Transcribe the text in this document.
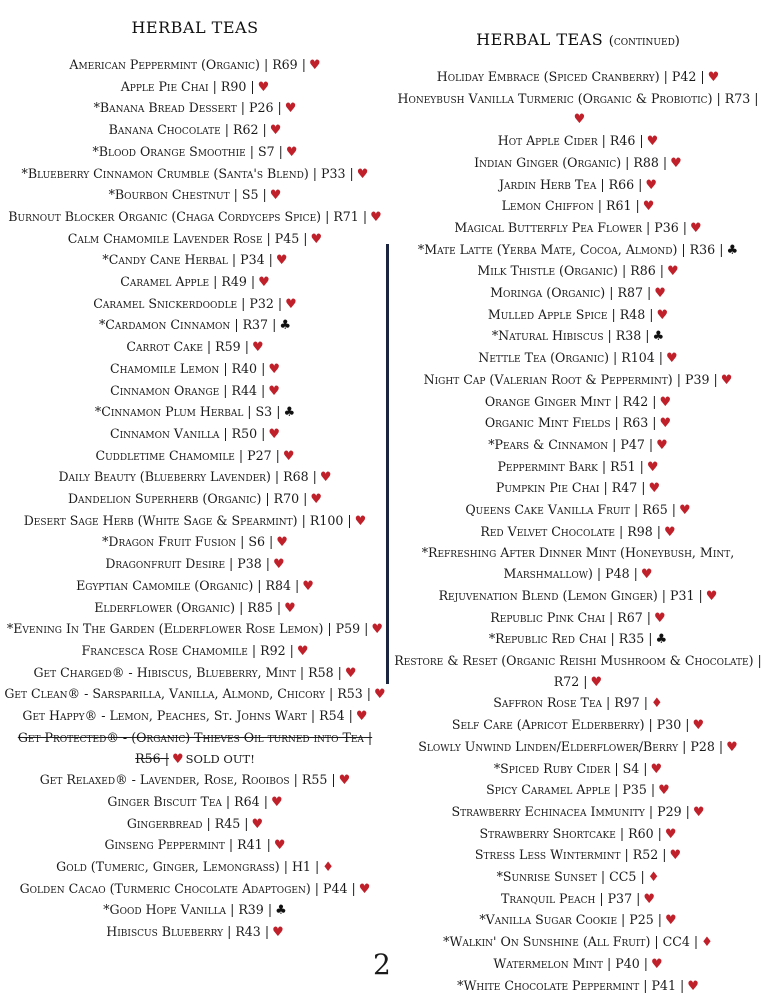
HERBAL TEAS
American Peppermint (Organic) | R69 | ♥
Apple Pie Chai | R90 | ♥
*Banana Bread Dessert | P26 | ♥
Banana Chocolate | R62 | ♥
*Blood Orange Smoothie | S7 | ♥
*Blueberry Cinnamon Crumble (Santa's Blend) | P33 | ♥
*Bourbon Chestnut | S5 | ♥
Burnout Blocker Organic (Chaga Cordyceps Spice) | R71 | ♥
Calm Chamomile Lavender Rose | P45 | ♥
*Candy Cane Herbal | P34 | ♥
Caramel Apple | R49 | ♥
Caramel Snickerdoodle | P32 | ♥
*Cardamon Cinnamon | R37 | ♣
Carrot Cake | R59 | ♥
Chamomile Lemon | R40 | ♥
Cinnamon Orange | R44 | ♥
*Cinnamon Plum Herbal | S3 | ♣
Cinnamon Vanilla | R50 | ♥
Cuddletime Chamomile | P27 | ♥
Daily Beauty (Blueberry Lavender) | R68 | ♥
Dandelion Superherb (Organic) | R70 | ♥
Desert Sage Herb (White Sage & Spearmint) | R100 | ♥
*Dragon Fruit Fusion | S6 | ♥
Dragonfruit Desire | P38 | ♥
Egyptian Camomile (Organic) | R84 | ♥
Elderflower (Organic) | R85 | ♥
*Evening In The Garden (Elderflower Rose Lemon) | P59 | ♥
Francesca Rose Chamomile | R92 | ♥
Get Charged® - Hibiscus, Blueberry, Mint | R58 | ♥
Get Clean® - Sarsparilla, Vanilla, Almond, Chicory | R53 | ♥
Get Happy® - Lemon, Peaches, St. Johns Wart | R54 | ♥
Get Protected® - (Organic) Thieves Oil turned into Tea | R56 | ♥ SOLD OUT!
Get Relaxed® - Lavender, Rose, Rooibos | R55 | ♥
Ginger Biscuit Tea | R64 | ♥
Gingerbread | R45 | ♥
Ginseng Peppermint | R41 | ♥
Gold (Tumeric, Ginger, Lemongrass) | H1 | ♦
Golden Cacao (Turmeric Chocolate Adaptogen) | P44 | ♥
*Good Hope Vanilla | R39 | ♣
Hibiscus Blueberry | R43 | ♥
HERBAL TEAS (continued)
Holiday Embrace (Spiced Cranberry) | P42 | ♥
Honeybush Vanilla Turmeric (Organic & Probiotic) | R73 |♥
Hot Apple Cider | R46 | ♥
Indian Ginger (Organic) | R88 | ♥
Jardin Herb Tea | R66 | ♥
Lemon Chiffon | R61 | ♥
Magical Butterfly Pea Flower | P36 | ♥
*Mate Latte (Yerba Mate, Cocoa, Almond) | R36 | ♣
Milk Thistle (Organic) | R86 | ♥
Moringa (Organic) | R87 | ♥
Mulled Apple Spice | R48 | ♥
*Natural Hibiscus | R38 | ♣
Nettle Tea (Organic) | R104 | ♥
Night Cap (Valerian Root & Peppermint) | P39 | ♥
Orange Ginger Mint | R42 | ♥
Organic Mint Fields | R63 | ♥
*Pears & Cinnamon | P47 | ♥
Peppermint Bark | R51 | ♥
Pumpkin Pie Chai | R47 | ♥
Queens Cake Vanilla Fruit | R65 | ♥
Red Velvet Chocolate | R98 | ♥
*Refreshing After Dinner Mint (Honeybush, Mint, Marshmallow) | P48 | ♥
Rejuvenation Blend (Lemon Ginger) | P31 | ♥
Republic Pink Chai | R67 | ♥
*Republic Red Chai | R35 | ♣
Restore & Reset (Organic Reishi Mushroom & Chocolate) | R72 | ♥
Saffron Rose Tea | R97 | ♦
Self Care (Apricot Elderberry) | P30 | ♥
Slowly Unwind Linden/Elderflower/Berry | P28 | ♥
*Spiced Ruby Cider | S4 | ♥
Spicy Caramel Apple | P35 | ♥
Strawberry Echinacea Immunity | P29 | ♥
Strawberry Shortcake | R60 | ♥
Stress Less Wintermint | R52 | ♥
*Sunrise Sunset | CC5 | ♦
Tranquil Peach | P37 | ♥
*Vanilla Sugar Cookie | P25 | ♥
*Walkin' On Sunshine (All Fruit) | CC4 | ♦
Watermelon Mint | P40 | ♥
*White Chocolate Peppermint | P41 | ♥
2
